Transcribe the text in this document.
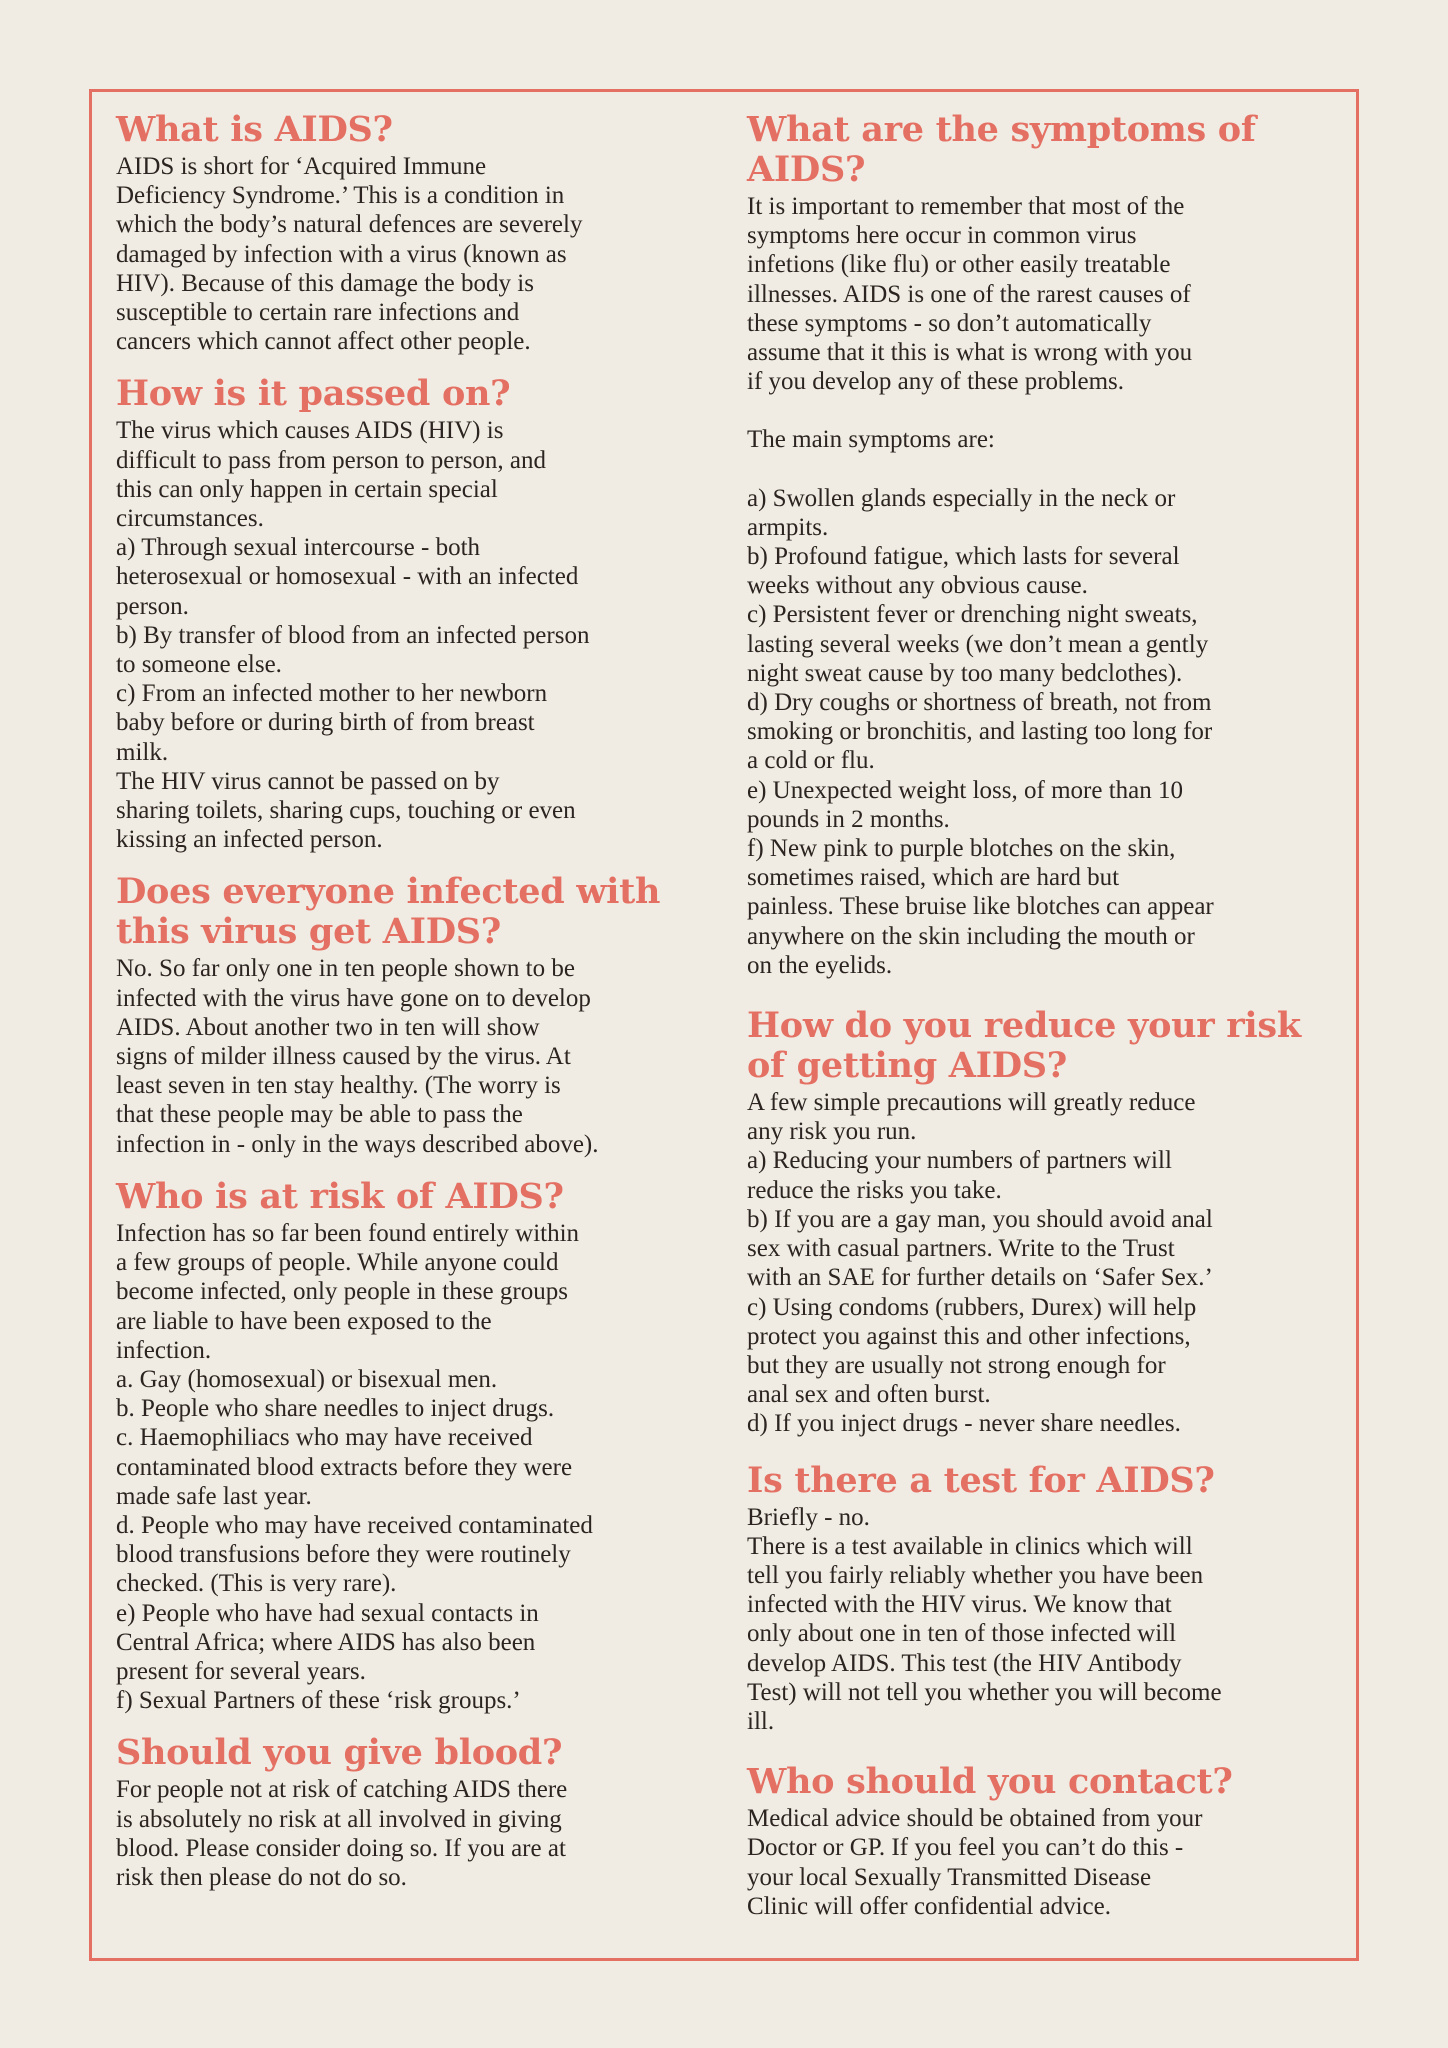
What is AIDS?

AIDS is short for ‘Acquired Immune

Deficiency Syndrome.’ This is a condition in

which the body’s natural defences are severely

damaged by infection with a virus (known as

HIV). Because of this damage the body is

susceptible to certain rare infections and

cancers which cannot affect other people.

How is it passed on?

The virus which causes AIDS (HIV) is

difficult to pass from person to person, and

this can only happen in certain special

circumstances.

a) Through sexual intercourse - both

heterosexual or homosexual - with an infected

person.

b) By transfer of blood from an infected person

to someone else.

c) From an infected mother to her newborn

baby before or during birth of from breast

milk.

The HIV virus cannot be passed on by

sharing toilets, sharing cups, touching or even

kissing an infected person.

Does everyone infected with this virus get AIDS?

No. So far only one in ten people shown to be

infected with the virus have gone on to develop

AIDS. About another two in ten will show

signs of milder illness caused by the virus. At

least seven in ten stay healthy. (The worry is

that these people may be able to pass the

infection in - only in the ways described above).

Who is at risk of AIDS?

Infection has so far been found entirely within

a few groups of people. While anyone could

become infected, only people in these groups

are liable to have been exposed to the

infection.

a. Gay (homosexual) or bisexual men.

b. People who share needles to inject drugs.

c. Haemophiliacs who may have received

contaminated blood extracts before they were

made safe last year.

d. People who may have received contaminated

blood transfusions before they were routinely

checked. (This is very rare).

e) People who have had sexual contacts in

Central Africa; where AIDS has also been

present for several years.

f) Sexual Partners of these ‘risk groups.’

Should you give blood?

For people not at risk of catching AIDS there

is absolutely no risk at all involved in giving

blood. Please consider doing so. If you are at

risk then please do not do so.

What are the symptoms of AIDS?

It is important to remember that most of the

symptoms here occur in common virus

infetions (like flu) or other easily treatable

illnesses. AIDS is one of the rarest causes of

these symptoms - so don’t automatically

assume that it this is what is wrong with you

if you develop any of these problems.

The main symptoms are:

a) Swollen glands especially in the neck or

armpits.

b) Profound fatigue, which lasts for several

weeks without any obvious cause.

c) Persistent fever or drenching night sweats,

lasting several weeks (we don’t mean a gently

night sweat cause by too many bedclothes).

d) Dry coughs or shortness of breath, not from

smoking or bronchitis, and lasting too long for

a cold or flu.

e) Unexpected weight loss, of more than 10

pounds in 2 months.

f) New pink to purple blotches on the skin,

sometimes raised, which are hard but

painless. These bruise like blotches can appear

anywhere on the skin including the mouth or

on the eyelids.

How do you reduce your risk of getting AIDS?

A few simple precautions will greatly reduce

any risk you run.

a) Reducing your numbers of partners will

reduce the risks you take.

b) If you are a gay man, you should avoid anal

sex with casual partners. Write to the Trust

with an SAE for further details on ‘Safer Sex.’

c) Using condoms (rubbers, Durex) will help

protect you against this and other infections,

but they are usually not strong enough for

anal sex and often burst.

d) If you inject drugs - never share needles.

Is there a test for AIDS?

Briefly - no.

There is a test available in clinics which will

tell you fairly reliably whether you have been

infected with the HIV virus. We know that

only about one in ten of those infected will

develop AIDS. This test (the HIV Antibody

Test) will not tell you whether you will become

ill.

Who should you contact?

Medical advice should be obtained from your

Doctor or GP. If you feel you can’t do this -

your local Sexually Transmitted Disease

Clinic will offer confidential advice.
